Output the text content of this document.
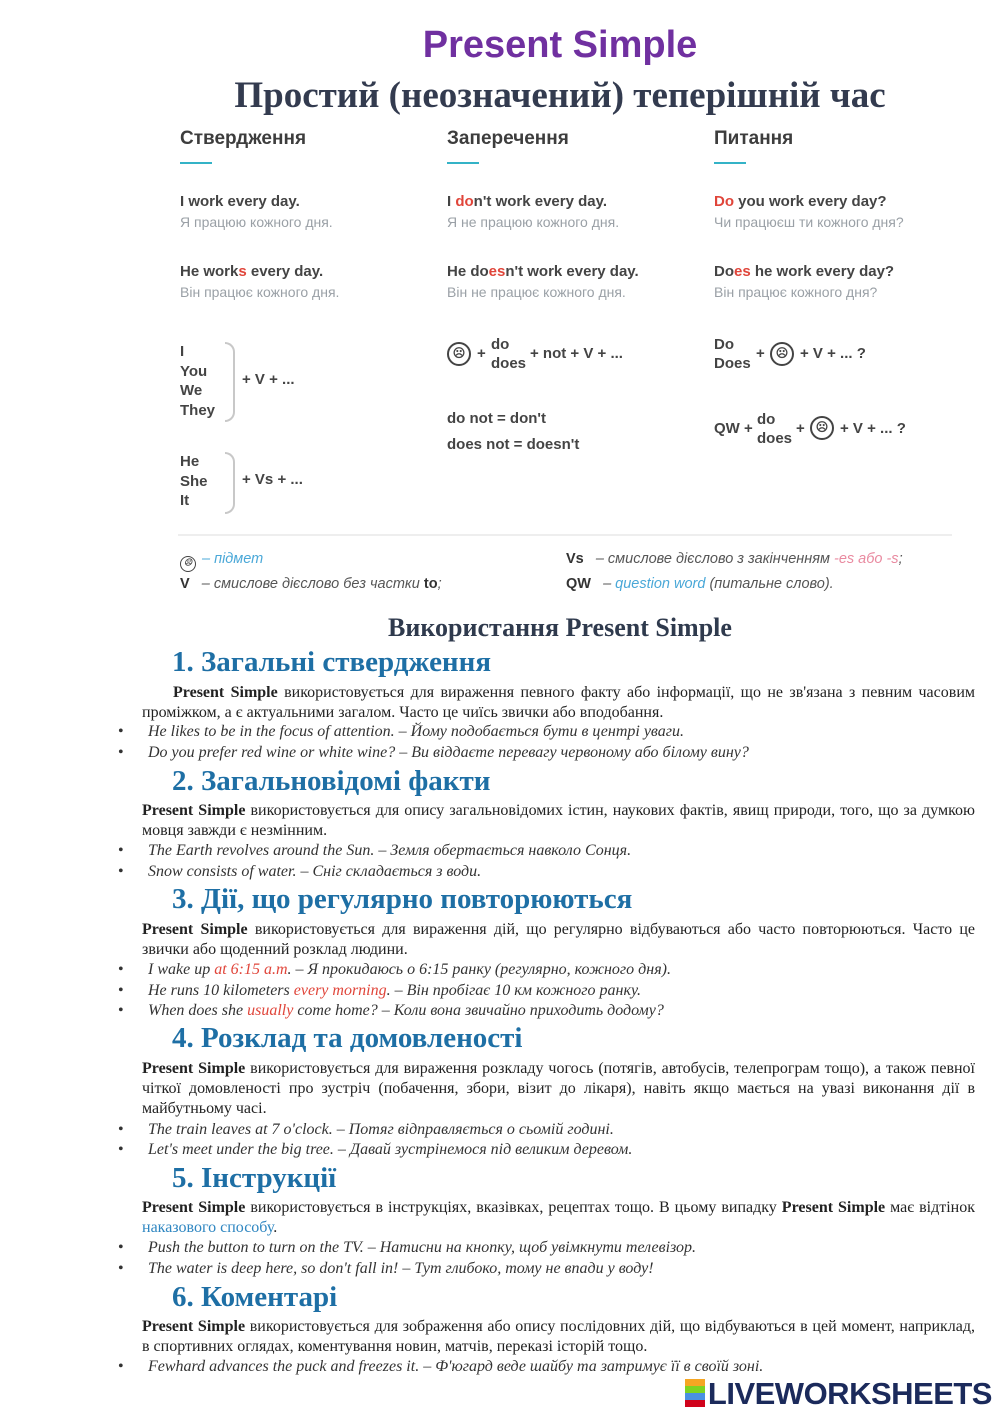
Present Simple
Простий (неозначений) теперішній час
Ствердження	Заперечення	Питання
I work every day.
Я працюю кожного дня.
He works every day.
Він працює кожного дня.
I
You
We
They
+ V + ...
He
She
It
+ Vs + ...
I don't work every day.
Я не працюю кожного дня.
He doesn't work every day.
Він не працює кожного дня.
☹ +
do
does
+ not + V + ...
do not = don't
does not = doesn't
Do you work every day?
Чи працюєш ти кожного дня?
Does he work every day?
Він працює кожного дня?
Do
Does
+ ☹ + V + ... ?
QW +
do
does
+ ☹ + V + ... ?
☹ – підмет
V – смислове дієслово без частки to;
Vs – смислове дієслово з закінченням -es або -s;
QW – question word (питальне слово).
Використання Present Simple
1. Загальні ствердження
Present Simple використовується для вираження певного факту або інформації, що не зв'язана з певним часовим проміжком, а є актуальними загалом. Часто це чиїсь звички або вподобання.
• He likes to be in the focus of attention. – Йому подобається бути в центрі уваги.
• Do you prefer red wine or white wine? – Ви віддаєте перевагу червоному або білому вину?
2. Загальновідомі факти
Present Simple використовується для опису загальновідомих істин, наукових фактів, явищ природи, того, що за думкою мовця завжди є незмінним.
• The Earth revolves around the Sun. – Земля обертається навколо Сонця.
• Snow consists of water. – Сніг складається з води.
3. Дії, що регулярно повторюються
Present Simple використовується для вираження дій, що регулярно відбуваються або часто повторюються. Часто це звички або щоденний розклад людини.
• I wake up at 6:15 a.m. – Я прокидаюсь о 6:15 ранку (регулярно, кожного дня).
• He runs 10 kilometers every morning. – Він пробігає 10 км кожного ранку.
• When does she usually come home? – Коли вона звичайно приходить додому?
4. Розклад та домовленості
Present Simple використовується для вираження розкладу чогось (потягів, автобусів, телепрограм тощо), а також певної чіткої домовленості про зустріч (побачення, збори, візит до лікаря), навіть якщо мається на увазі виконання дії в майбутньому часі.
• The train leaves at 7 o'clock. – Потяг відправляється о сьомій годині.
• Let's meet under the big tree. – Давай зустрінемося під великим деревом.
5. Інструкції
Present Simple використовується в інструкціях, вказівках, рецептах тощо. В цьому випадку Present Simple має відтінок наказового способу.
• Push the button to turn on the TV. – Натисни на кнопку, щоб увімкнути телевізор.
• The water is deep here, so don't fall in! – Тут глибоко, тому не впади у воду!
6. Коментарі
Present Simple використовується для зображення або опису послідовних дій, що відбуваються в цей момент, наприклад, в спортивних оглядах, коментування новин, матчів, переказі історій тощо.
• Fewhard advances the puck and freezes it. – Ф'югард веде шайбу та затримує її в своїй зоні.
LIVEWORKSHEETS
